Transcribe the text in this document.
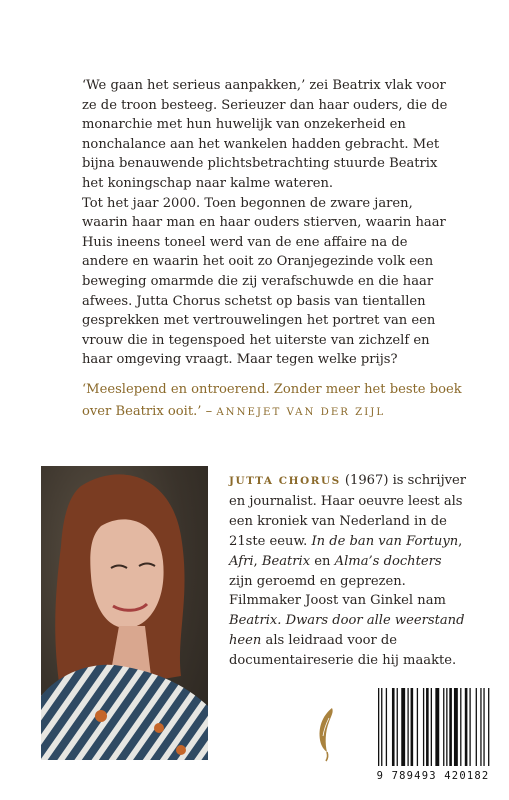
‘We gaan het serieus aanpakken,’ zei Beatrix vlak voor ze de troon besteeg. Serieuzer dan haar ouders, die de monarchie met hun huwelijk van onzekerheid en nonchalance aan het wankelen hadden gebracht. Met bijna benauwende plichtsbetrachting stuurde Beatrix het koningschap naar kalme wateren.

Tot het jaar 2000. Toen begonnen de zware jaren, waarin haar man en haar ouders stierven, waarin haar Huis ineens toneel werd van de ene affaire na de andere en waarin het ooit zo Oranjegezinde volk een beweging omarmde die zij verafschuwde en die haar afwees. Jutta Chorus schetst op basis van tientallen gesprekken met vertrouwelingen het portret van een vrouw die in tegenspoed het uiterste van zichzelf en haar omgeving vraagt. Maar tegen welke prijs?

‘Meeslepend en ontroerend. Zonder meer het beste boek over Beatrix ooit.’ – ANNEJET VAN DER ZIJL
JUTTA CHORUS (1967) is schrijver en journalist. Haar oeuvre leest als een kroniek van Nederland in de 21ste eeuw. In de ban van Fortuyn, Afri, Beatrix en Alma’s dochters zijn geroemd en geprezen. Filmmaker Joost van Ginkel nam Beatrix. Dwars door alle weerstand heen als leidraad voor de documentaireserie die hij maakte.
9 789493 420182
